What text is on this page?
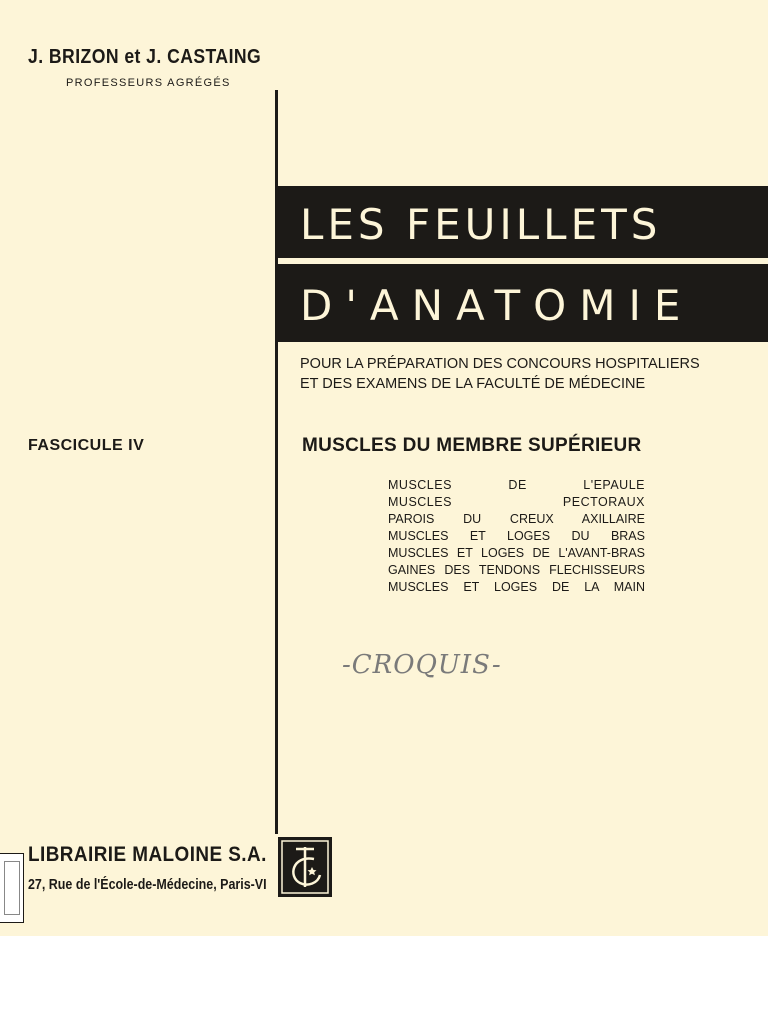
J. BRIZON et J. CASTAING
PROFESSEURS AGRÉGÉS
LES FEUILLETS
D'ANATOMIE
POUR LA PRÉPARATION DES CONCOURS HOSPITALIERS
ET DES EXAMENS DE LA FACULTÉ DE MÉDECINE
FASCICULE IV	MUSCLES DU MEMBRE SUPÉRIEUR
MUSCLES DE L'EPAULE
MUSCLES PECTORAUX
PAROIS DU CREUX AXILLAIRE
MUSCLES ET LOGES DU BRAS
MUSCLES ET LOGES DE L'AVANT-BRAS
GAINES DES TENDONS FLECHISSEURS
MUSCLES ET LOGES DE LA MAIN
-CROQUIS-
LIBRAIRIE MALOINE S.A.
27, Rue de l'École-de-Médecine, Paris-VI
